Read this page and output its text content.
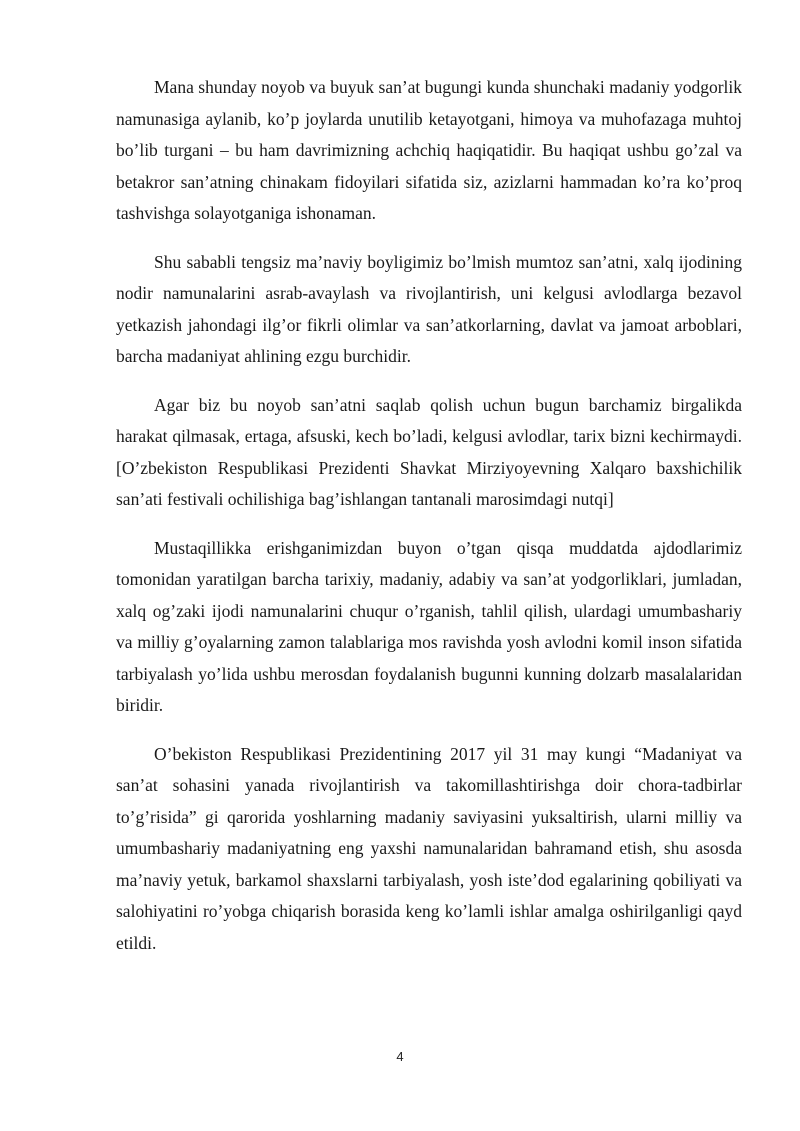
Mana shunday noyob va buyuk san’at bugungi kunda shunchaki madaniy yodgorlik namunasiga aylanib, ko’p joylarda unutilib ketayotgani, himoya va muhofazaga muhtoj bo’lib turgani – bu ham davrimizning achchiq haqiqatidir. Bu haqiqat ushbu go’zal va betakror san’atning chinakam fidoyilari sifatida siz, azizlarni hammadan ko’ra ko’proq tashvishga solayotganiga ishonaman.

Shu sababli tengsiz ma’naviy boyligimiz bo’lmish mumtoz san’atni, xalq ijodining nodir namunalarini asrab-avaylash va rivojlantirish, uni kelgusi avlodlarga bezavol yetkazish jahondagi ilg’or fikrli olimlar va san’atkorlarning, davlat va jamoat arboblari, barcha madaniyat ahlining ezgu burchidir.

Agar biz bu noyob san’atni saqlab qolish uchun bugun barchamiz birgalikda harakat qilmasak, ertaga, afsuski, kech bo’ladi, kelgusi avlodlar, tarix bizni kechirmaydi. [O’zbekiston Respublikasi Prezidenti Shavkat Mirziyoyevning Xalqaro baxshichilik san’ati festivali ochilishiga bag’ishlangan tantanali marosimdagi nutqi]

Mustaqillikka erishganimizdan buyon o’tgan qisqa muddatda ajdodlarimiz tomonidan yaratilgan barcha tarixiy, madaniy, adabiy va san’at yodgorliklari, jumladan, xalq og’zaki ijodi namunalarini chuqur o’rganish, tahlil qilish, ulardagi umumbashariy va milliy g’oyalarning zamon talablariga mos ravishda yosh avlodni komil inson sifatida tarbiyalash yo’lida ushbu merosdan foydalanish bugunni kunning dolzarb masalalaridan biridir.

O’bekiston Respublikasi Prezidentining 2017 yil 31 may kungi “Madaniyat va san’at sohasini yanada rivojlantirish va takomillashtirishga doir chora-tadbirlar to’g’risida” gi qarorida yoshlarning madaniy saviyasini yuksaltirish, ularni milliy va umumbashariy madaniyatning eng yaxshi namunalaridan bahramand etish, shu asosda ma’naviy yetuk, barkamol shaxslarni tarbiyalash, yosh iste’dod egalarining qobiliyati va salohiyatini ro’yobga chiqarish borasida keng ko’lamli ishlar amalga oshirilganligi qayd etildi.

4
